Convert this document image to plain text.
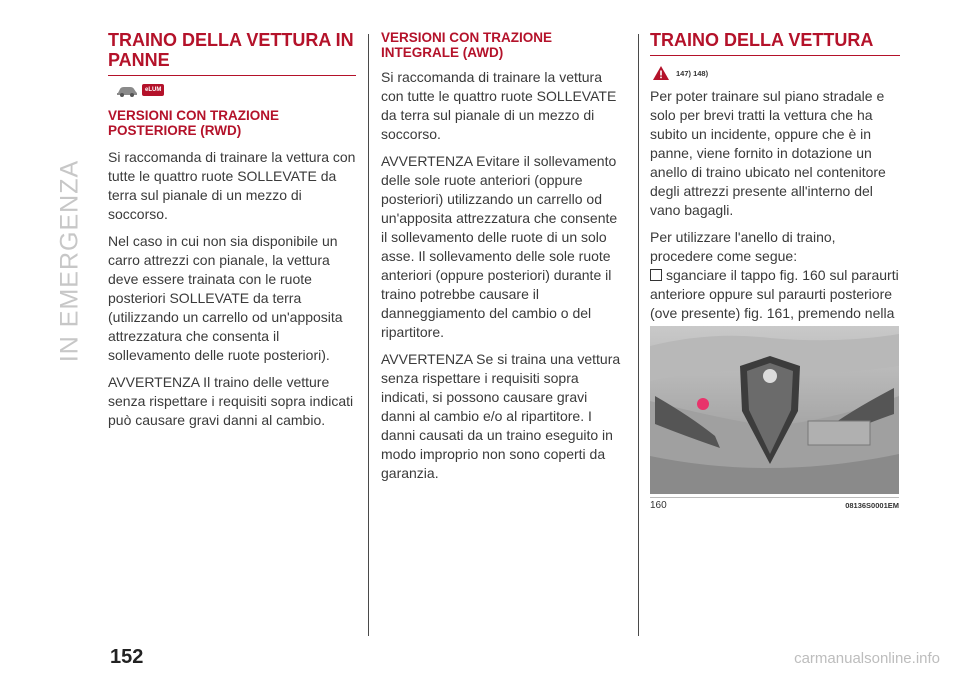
IN EMERGENZA
TRAINO DELLA VETTURA IN PANNE
eLUM
VERSIONI CON TRAZIONE POSTERIORE (RWD)

Si raccomanda di trainare la vettura con tutte le quattro ruote SOLLEVATE da terra sul pianale di un mezzo di soccorso.

Nel caso in cui non sia disponibile un carro attrezzi con pianale, la vettura deve essere trainata con le ruote posteriori SOLLEVATE da terra (utilizzando un carrello od un'apposita attrezzatura che consenta il sollevamento delle ruote posteriori).

AVVERTENZA Il traino delle vetture senza rispettare i requisiti sopra indicati può causare gravi danni al cambio.

VERSIONI CON TRAZIONE INTEGRALE (AWD)

Si raccomanda di trainare la vettura con tutte le quattro ruote SOLLEVATE da terra sul pianale di un mezzo di soccorso.

AVVERTENZA Evitare il sollevamento delle sole ruote anteriori (oppure posteriori) utilizzando un carrello od un'apposita attrezzatura che consente il sollevamento delle ruote di un solo asse. Il sollevamento delle sole ruote anteriori (oppure posteriori) durante il traino potrebbe causare il danneggiamento del cambio o del ripartitore.

AVVERTENZA Se si traina una vettura senza rispettare i requisiti sopra indicati, si possono causare gravi danni al cambio e/o al ripartitore. I danni causati da un traino eseguito in modo improprio non sono coperti da garanzia.

TRAINO DELLA VETTURA
147) 148)

Per poter trainare sul piano stradale e solo per brevi tratti la vettura che ha subito un incidente, oppure che è in panne, viene fornito in dotazione un anello di traino ubicato nel contenitore degli attrezzi presente all'interno del vano bagagli.

Per utilizzare l'anello di traino, procedere come segue:

sganciare il tappo fig. 160 sul paraurti anteriore oppure sul paraurti posteriore (ove presente) fig. 161, premendo nella

160	08136S0001EM
152	carmanualsonline.info
